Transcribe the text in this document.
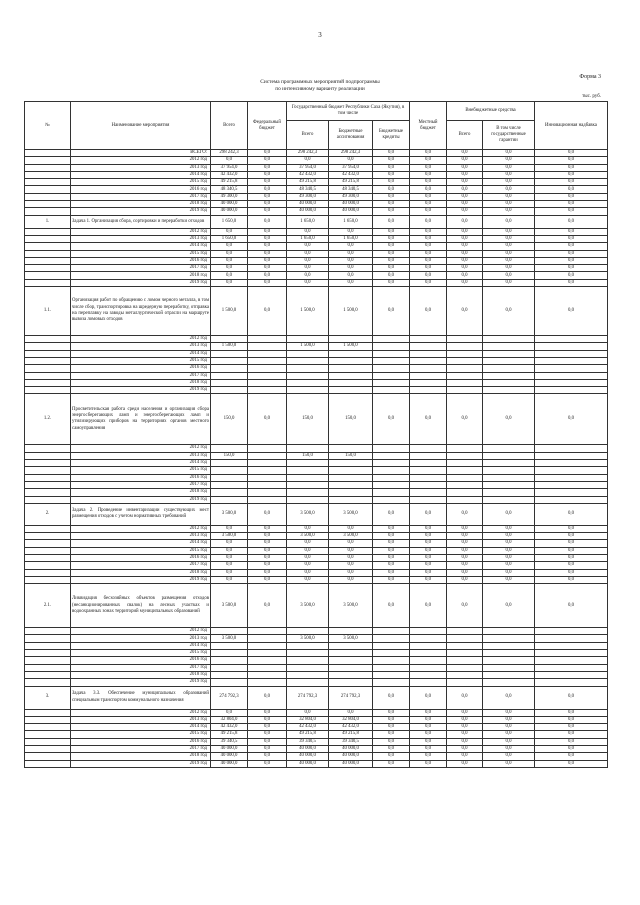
3
Форма 3
Система программных мероприятий подпрограммы
по интенсивному варианту реализации
тыс. руб.
№	Наименование мероприятия	Всего	Федеральный бюджет	Государственный бюджет Республики Саха (Якутия), в том числе			Местный бюджет	Внебюджетные средства		Инновационная надбавка
				Всего	Бюджетные ассигнования	Бюджетные кредиты		Всего	В том числе государственные гарантии	

	ВСЕГО:	298 242,3	0,0	298 242,3	298 242,3	0,0	0,0	0,0	0,0	0,0
	2012 год	0,0	0,0	0,0	0,0	0,0	0,0	0,0	0,0	0,0
	2013 год	37 954,0	0,0	37 954,0	37 954,0	0,0	0,0	0,0	0,0	0,0
	2014 год	42 432,0	0,0	42 432,0	42 432,0	0,0	0,0	0,0	0,0	0,0
	2015 год	49 215,8	0,0	49 215,8	49 215,8	0,0	0,0	0,0	0,0	0,0
	2016 год	48 340,5	0,0	48 340,5	48 340,5	0,0	0,0	0,0	0,0	0,0
	2017 год	49 300,0	0,0	49 300,0	49 300,0	0,0	0,0	0,0	0,0	0,0
	2018 год	40 000,0	0,0	40 000,0	40 000,0	0,0	0,0	0,0	0,0	0,0
	2019 год	40 000,0	0,0	40 000,0	40 000,0	0,0	0,0	0,0	0,0	0,0
1.	Задача 1. Организация сбора, сортировки и переработки отходов	1 650,0	0,0	1 650,0	1 650,0	0,0	0,0	0,0	0,0	0,0
	2012 год	0,0	0,0	0,0	0,0	0,0	0,0	0,0	0,0	0,0
	2013 год	1 650,0	0,0	1 650,0	1 650,0	0,0	0,0	0,0	0,0	0,0
	2014 год	0,0	0,0	0,0	0,0	0,0	0,0	0,0	0,0	0,0
	2015 год	0,0	0,0	0,0	0,0	0,0	0,0	0,0	0,0	0,0
	2016 год	0,0	0,0	0,0	0,0	0,0	0,0	0,0	0,0	0,0
	2017 год	0,0	0,0	0,0	0,0	0,0	0,0	0,0	0,0	0,0
	2018 год	0,0	0,0	0,0	0,0	0,0	0,0	0,0	0,0	0,0
	2019 год	0,0	0,0	0,0	0,0	0,0	0,0	0,0	0,0	0,0
1.1.	Организация работ по обращению с ломом черного металла, в том числе сбор, транспортировка на шредерную переработку, отправка на переплавку на заводы металлургической отрасли на маршруте вывоза ломовых отходов	1 500,0	0,0	1 500,0	1 500,0	0,0	0,0	0,0	0,0	0,0
	2012 год									
	2013 год	1 500,0		1 500,0	1 500,0					
	2014 год									
	2015 год									
	2016 год									
	2017 год									
	2018 год									
	2019 год									
1.2.	Просветительская работа среди населения и организация сбора энергосберегающих ламп и энергосберегающих ламп и утилизирующих приборов на территориях органов местного самоуправления	150,0	0,0	150,0	150,0	0,0	0,0	0,0	0,0	0,0
	2012 год									
	2013 год	150,0		150,0	150,0					
	2014 год									
	2015 год									
	2016 год									
	2017 год									
	2018 год									
	2019 год									
2.	Задача 2. Проведение инвентаризации существующих мест размещения отходов с учетом нормативных требований	3 500,0	0,0	3 500,0	3 500,0	0,0	0,0	0,0	0,0	0,0
	2012 год	0,0	0,0	0,0	0,0	0,0	0,0	0,0	0,0	0,0
	2013 год	3 500,0	0,0	3 500,0	3 500,0	0,0	0,0	0,0	0,0	0,0
	2014 год	0,0	0,0	0,0	0,0	0,0	0,0	0,0	0,0	0,0
	2015 год	0,0	0,0	0,0	0,0	0,0	0,0	0,0	0,0	0,0
	2016 год	0,0	0,0	0,0	0,0	0,0	0,0	0,0	0,0	0,0
	2017 год	0,0	0,0	0,0	0,0	0,0	0,0	0,0	0,0	0,0
	2018 год	0,0	0,0	0,0	0,0	0,0	0,0	0,0	0,0	0,0
	2019 год	0,0	0,0	0,0	0,0	0,0	0,0	0,0	0,0	0,0
2.1.	Ликвидация бесхозяйных объектов размещения отходов (несанкционированных свалок) на лесных участках и водоохранных зонах территорий муниципальных образований	3 500,0	0,0	3 500,0	3 500,0	0,0	0,0	0,0	0,0	0,0
	2012 год									
	2013 год	3 500,0		3 500,0	3 500,0					
	2014 год									
	2015 год									
	2016 год									
	2017 год									
	2018 год									
	2019 год									
3.	Задача 3.3. Обеспечение муниципальных образований специальным транспортом коммунального назначения	274 792,3	0,0	274 792,3	274 792,3	0,0	0,0	0,0	0,0	0,0
	2012 год	0,0	0,0	0,0	0,0	0,0	0,0	0,0	0,0	0,0
	2013 год	32 804,0	0,0	32 804,0	32 804,0	0,0	0,0	0,0	0,0	0,0
	2014 год	42 432,0	0,0	42 432,0	42 432,0	0,0	0,0	0,0	0,0	0,0
	2015 год	49 215,8	0,0	49 215,8	49 215,8	0,0	0,0	0,0	0,0	0,0
	2016 год	39 340,5	0,0	39 340,5	39 340,5	0,0	0,0	0,0	0,0	0,0
	2017 год	40 000,0	0,0	40 000,0	40 000,0	0,0	0,0	0,0	0,0	0,0
	2018 год	40 000,0	0,0	40 000,0	40 000,0	0,0	0,0	0,0	0,0	0,0
	2019 год	40 000,0	0,0	40 000,0	40 000,0	0,0	0,0	0,0	0,0	0,0
